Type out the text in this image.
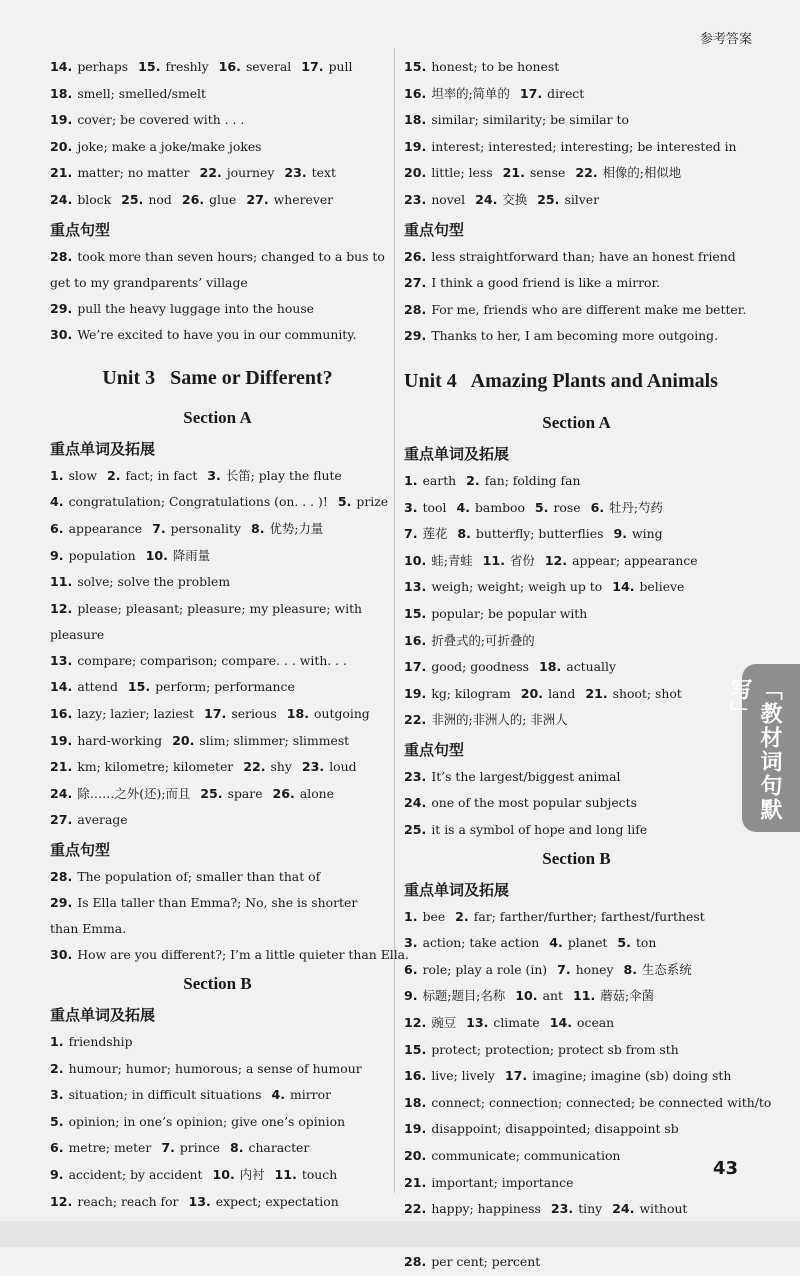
参考答案
14. perhaps 15. freshly 16. several 17. pull
18. smell; smelled/smelt
19. cover; be covered with . . .
20. joke; make a joke/make jokes
21. matter; no matter 22. journey 23. text
24. block 25. nod 26. glue 27. wherever
重点句型
28. took more than seven hours; changed to a bus to get to my grandparents’ village
29. pull the heavy luggage into the house
30. We’re excited to have you in our community.
Unit 3   Same or Different?
Section A
重点单词及拓展
1. slow 2. fact; in fact 3. 长笛; play the flute
4. congratulation; Congratulations (on. . . )! 5. prize
6. appearance 7. personality 8. 优势;力量
9. population 10. 降雨量
11. solve; solve the problem
12. please; pleasant; pleasure; my pleasure; with pleasure
13. compare; comparison; compare. . . with. . .
14. attend 15. perform; performance
16. lazy; lazier; laziest 17. serious 18. outgoing
19. hard-working 20. slim; slimmer; slimmest
21. km; kilometre; kilometer 22. shy 23. loud
24. 除……之外(还);而且 25. spare 26. alone
27. average
重点句型
28. The population of; smaller than that of
29. Is Ella taller than Emma?; No, she is shorter than Emma.
30. How are you different?; I’m a little quieter than Ella.
Section B
重点单词及拓展
1. friendship
2. humour; humor; humorous; a sense of humour
3. situation; in difficult situations 4. mirror
5. opinion; in one’s opinion; give one’s opinion
6. metre; meter 7. prince 8. character
9. accident; by accident 10. 内衬 11. touch
12. reach; reach for 13. expect; expectation
15. honest; to be honest
16. 坦率的;简单的 17. direct
18. similar; similarity; be similar to
19. interest; interested; interesting; be interested in
20. little; less 21. sense 22. 相像的;相似地
23. novel 24. 交换 25. silver
重点句型
26. less straightforward than; have an honest friend
27. I think a good friend is like a mirror.
28. For me, friends who are different make me better.
29. Thanks to her, I am becoming more outgoing.
Unit 4   Amazing Plants and Animals
Section A
重点单词及拓展
1. earth 2. fan; folding fan
3. tool 4. bamboo 5. rose 6. 牡丹;芍药
7. 莲花 8. butterfly; butterflies 9. wing
10. 蛙;青蛙 11. 省份 12. appear; appearance
13. weigh; weight; weigh up to 14. believe
15. popular; be popular with
16. 折叠式的;可折叠的
17. good; goodness 18. actually
19. kg; kilogram 20. land 21. shoot; shot
22. 非洲的;非洲人的; 非洲人
重点句型
23. It’s the largest/biggest animal
24. one of the most popular subjects
25. it is a symbol of hope and long life
Section B
重点单词及拓展
1. bee 2. far; farther/further; farthest/furthest
3. action; take action 4. planet 5. ton
6. role; play a role (in) 7. honey 8. 生态系统
9. 标题;题目;名称 10. ant 11. 蘑菇;伞菌
12. 豌豆 13. climate 14. ocean
15. protect; protection; protect sb from sth
16. live; lively 17. imagine; imagine (sb) doing sth
18. connect; connection; connected; be connected with/to
19. disappoint; disappointed; disappoint sb
20. communicate; communication
21. important; importance
22. happy; happiness 23. tiny 24. without
28. per cent; percent
「教材词句默写」
43
